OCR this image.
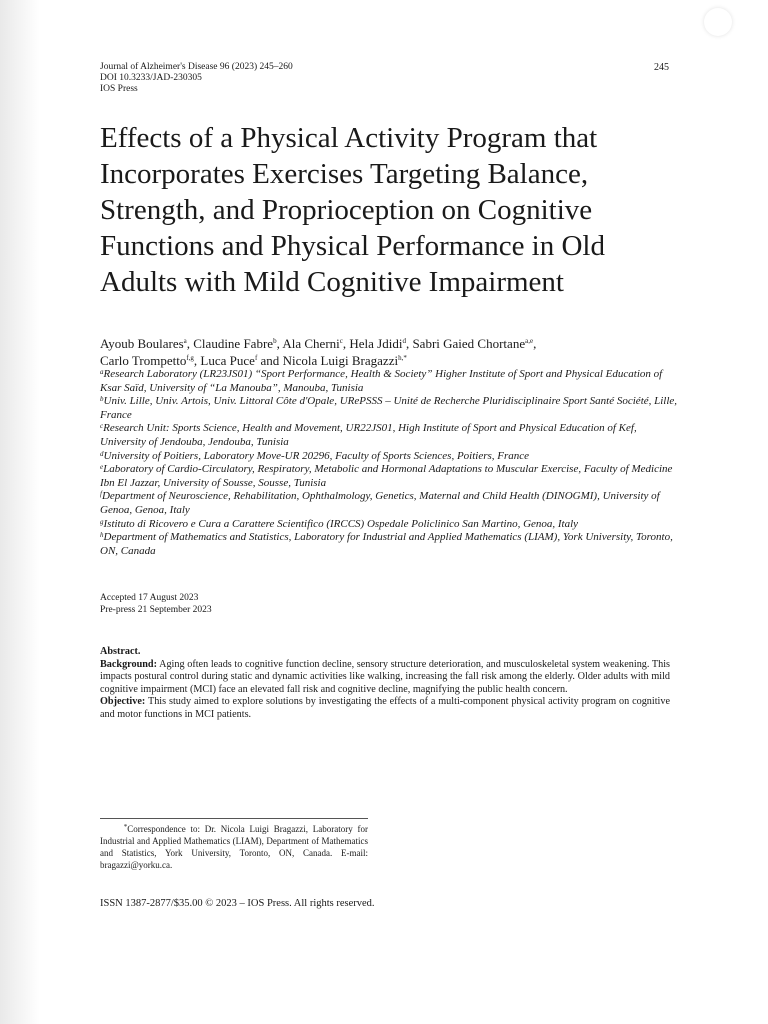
Journal of Alzheimer's Disease 96 (2023) 245–260
DOI 10.3233/JAD-230305
IOS Press
245
Effects of a Physical Activity Program that Incorporates Exercises Targeting Balance, Strength, and Proprioception on Cognitive Functions and Physical Performance in Old Adults with Mild Cognitive Impairment
Ayoub Boulares$^a$, Claudine Fabre$^b$, Ala Cherni$^c$, Hela Jdidi$^d$, Sabri Gaied Chortane$^{a,e}$,
Carlo Trompetto$^{f,g}$, Luca Puce$^f$ and Nicola Luigi Bragazzi$^{h,*}$

$^a$Research Laboratory (LR23JS01) “Sport Performance, Health & Society” Higher Institute of Sport and Physical Education of Ksar Saïd, University of “La Manouba”, Manouba, Tunisia

$^b$Univ. Lille, Univ. Artois, Univ. Littoral Côte d'Opale, URePSSS – Unité de Recherche Pluridisciplinaire Sport Santé Société, Lille, France

$^c$Research Unit: Sports Science, Health and Movement, UR22JS01, High Institute of Sport and Physical Education of Kef, University of Jendouba, Jendouba, Tunisia

$^d$University of Poitiers, Laboratory Move-UR 20296, Faculty of Sports Sciences, Poitiers, France

$^e$Laboratory of Cardio-Circulatory, Respiratory, Metabolic and Hormonal Adaptations to Muscular Exercise, Faculty of Medicine Ibn El Jazzar, University of Sousse, Sousse, Tunisia

$^f$Department of Neuroscience, Rehabilitation, Ophthalmology, Genetics, Maternal and Child Health (DINOGMI), University of Genoa, Genoa, Italy

$^g$Istituto di Ricovero e Cura a Carattere Scientifico (IRCCS) Ospedale Policlinico San Martino, Genoa, Italy

$^h$Department of Mathematics and Statistics, Laboratory for Industrial and Applied Mathematics (LIAM), York University, Toronto, ON, Canada

Accepted 17 August 2023
Pre-press 21 September 2023

Abstract.

Background: Aging often leads to cognitive function decline, sensory structure deterioration, and musculoskeletal system weakening. This impacts postural control during static and dynamic activities like walking, increasing the fall risk among the elderly. Older adults with mild cognitive impairment (MCI) face an elevated fall risk and cognitive decline, magnifying the public health concern.

Objective: This study aimed to explore solutions by investigating the effects of a multi-component physical activity program on cognitive and motor functions in MCI patients.

*Correspondence to: Dr. Nicola Luigi Bragazzi, Laboratory for Industrial and Applied Mathematics (LIAM), Department of Mathematics and Statistics, York University, Toronto, ON, Canada. E-mail: bragazzi@yorku.ca.
ISSN 1387-2877/$35.00 © 2023 – IOS Press. All rights reserved.
